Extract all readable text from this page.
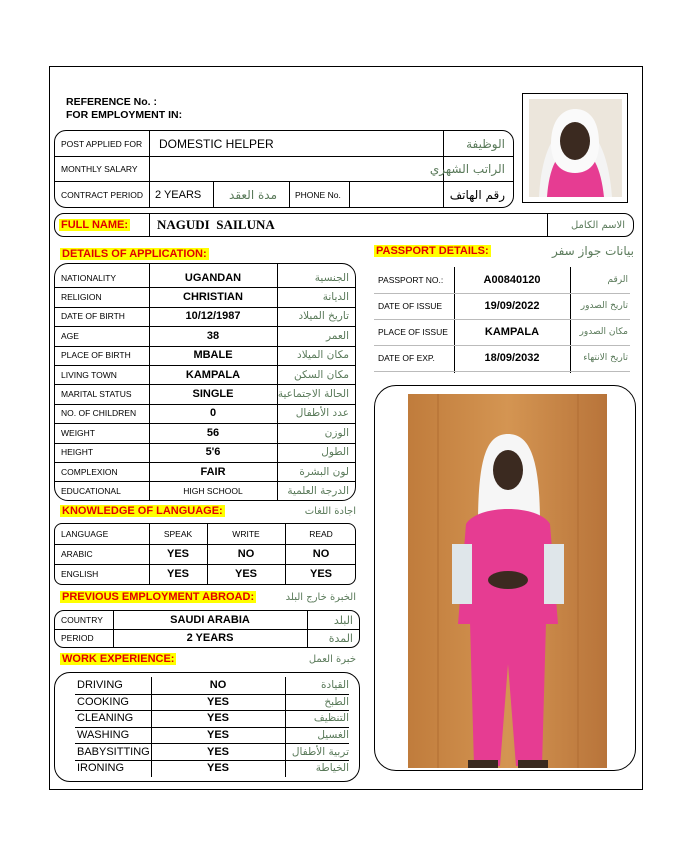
REFERENCE No. :
FOR EMPLOYMENT IN:
POST APPLIED FOR DOMESTIC HELPER	الوظيفة
MONTHLY SALARY	الراتب الشهري
CONTRACT PERIOD 2 YEARS	مدة العقد	PHONE No.	رقم الهاتف
FULL NAME: NAGUDI  SAILUNA	الاسم الكامل
DETAILS OF APPLICATION:
NATIONALITY	UGANDAN	الجنسية
RELIGION	CHRISTIAN	الديانة
DATE OF BIRTH	10/12/1987	تاريخ الميلاد
AGE	38	العمر
PLACE OF BIRTH	MBALE	مكان الميلاد
LIVING TOWN	KAMPALA	مكان السكن
MARITAL STATUS	SINGLE	الحالة الاجتماعية
NO. OF CHILDREN	0	عدد الأطفال
WEIGHT	56	الوزن
HEIGHT	5'6	الطول
COMPLEXION	FAIR	لون البشرة
EDUCATIONAL	HIGH SCHOOL	الدرجة العلمية
PASSPORT DETAILS:	بيانات جواز سفر
PASSPORT NO.:	A00840120	الرقم
DATE OF ISSUE	19/09/2022	تاريخ الصدور
PLACE OF ISSUE	KAMPALA	مكان الصدور
DATE OF EXP.	18/09/2032	تاريخ الانتهاء
KNOWLEDGE OF LANGUAGE:	اجادة اللغات
LANGUAGE	SPEAK	WRITE	READ
ARABIC	YES	NO	NO
ENGLISH	YES	YES	YES
PREVIOUS EMPLOYMENT ABROAD:	الخبرة خارج البلد
COUNTRY	SAUDI ARABIA	البلد
PERIOD	2 YEARS	المدة
WORK EXPERIENCE:	خبرة العمل
DRIVING	NO	القيادة
COOKING	YES	الطبخ
CLEANING	YES	التنظيف
WASHING	YES	الغسيل
BABYSITTING	YES	تربية الأطفال
IRONING	YES	الخياطة
